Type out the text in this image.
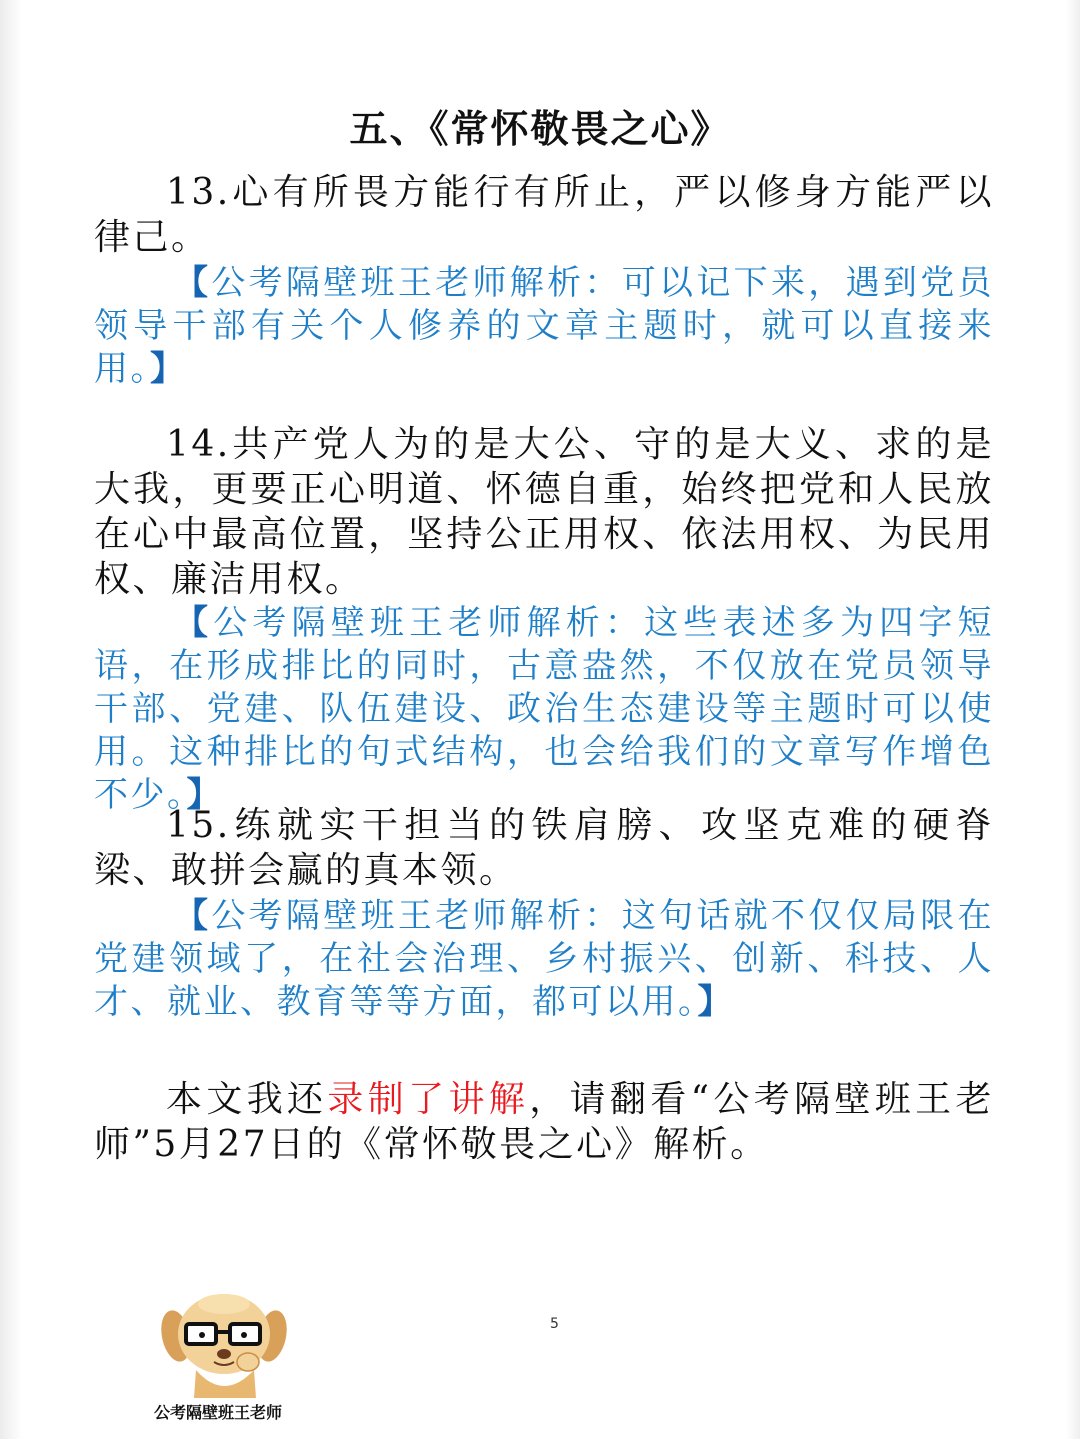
五、《常怀敬畏之心》

13.心有所畏方能行有所止，严以修身方能严以律己。

【公考隔壁班王老师解析：可以记下来，遇到党员领导干部有关个人修养的文章主题时，就可以直接来用。】

14.共产党人为的是大公、守的是大义、求的是大我，更要正心明道、怀德自重，始终把党和人民放在心中最高位置，坚持公正用权、依法用权、为民用权、廉洁用权。

【公考隔壁班王老师解析：这些表述多为四字短语，在形成排比的同时，古意盎然，不仅放在党员领导干部、党建、队伍建设、政治生态建设等主题时可以使用。这种排比的句式结构，也会给我们的文章写作增色不少。】

15.练就实干担当的铁肩膀、攻坚克难的硬脊梁、敢拼会赢的真本领。

【公考隔壁班王老师解析：这句话就不仅仅局限在党建领域了，在社会治理、乡村振兴、创新、科技、人才、就业、教育等等方面，都可以用。】

本文我还录制了讲解，请翻看“公考隔壁班王老师”5月27日的《常怀敬畏之心》解析。

5
公考隔壁班王老师
